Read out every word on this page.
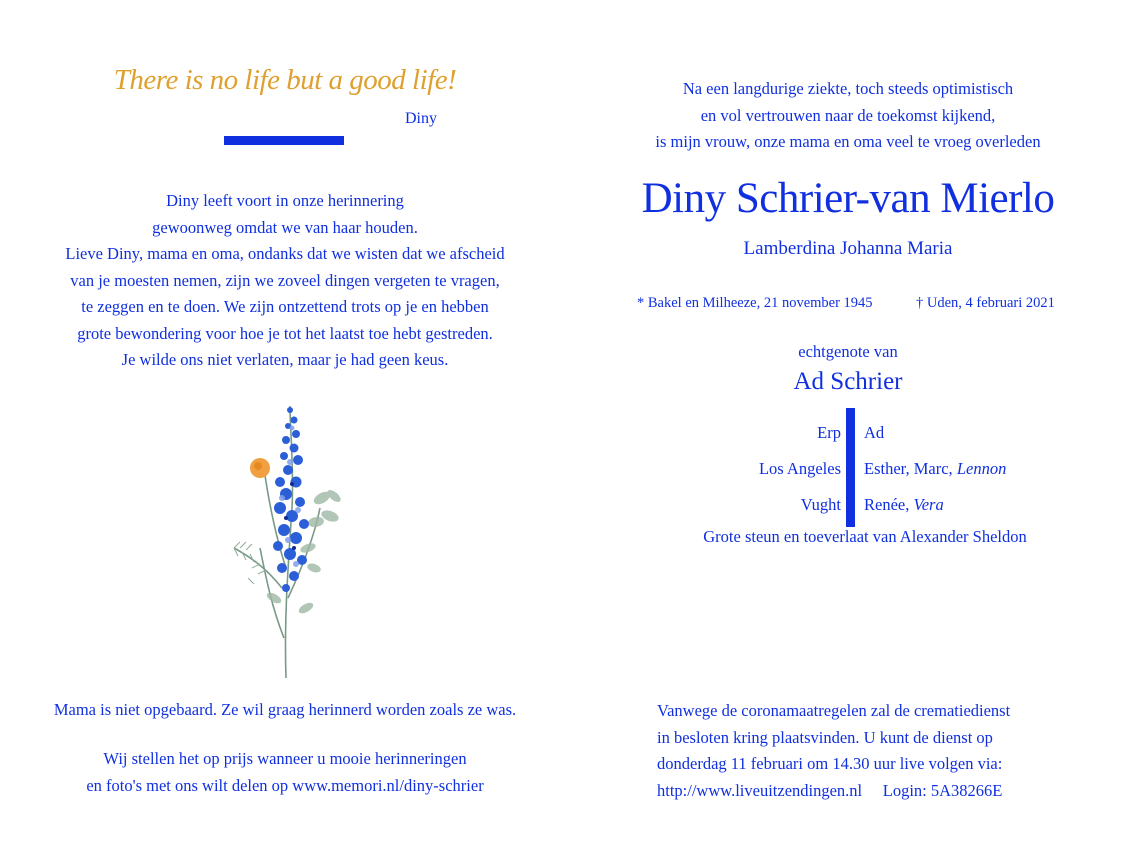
There is no life but a good life!
Diny
Diny leeft voort in onze herinnering
gewoonweg omdat we van haar houden.
Lieve Diny, mama en oma, ondanks dat we wisten dat we afscheid
van je moesten nemen, zijn we zoveel dingen vergeten te vragen,
te zeggen en te doen. We zijn ontzettend trots op je en hebben
grote bewondering voor hoe je tot het laatst toe hebt gestreden.
Je wilde ons niet verlaten, maar je had geen keus.
Mama is niet opgebaard. Ze wil graag herinnerd worden zoals ze was.
Wij stellen het op prijs wanneer u mooie herinneringen
en foto's met ons wilt delen op www.memori.nl/diny-schrier
Na een langdurige ziekte, toch steeds optimistisch
en vol vertrouwen naar de toekomst kijkend,
is mijn vrouw, onze mama en oma veel te vroeg overleden
Diny Schrier-van Mierlo
Lamberdina Johanna Maria
* Bakel en Milheeze, 21 november 1945	† Uden, 4 februari 2021
echtgenote van
Ad Schrier
Erp Ad
Los Angeles Esther, Marc, Lennon
Vught Renée, Vera
Grote steun en toeverlaat van Alexander Sheldon
Vanwege de coronamaatregelen zal de crematiedienst
in besloten kring plaatsvinden. U kunt de dienst op
donderdag 11 februari om 14.30 uur live volgen via:
http://www.liveuitzendingen.nl     Login: 5A38266E
